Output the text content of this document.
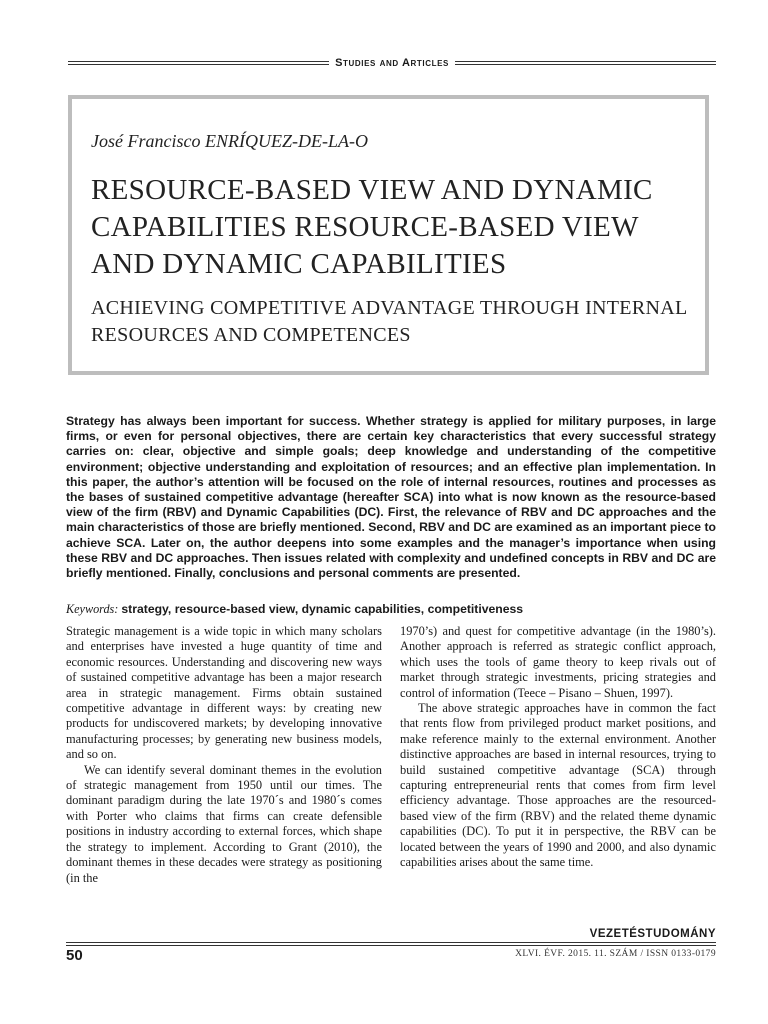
Studies and Articles
José Francisco ENRÍQUEZ-DE-LA-O
RESOURCE-BASED VIEW AND DYNAMIC CAPABILITIES RESOURCE-BASED VIEW AND DYNAMIC CAPABILITIES
ACHIEVING COMPETITIVE ADVANTAGE THROUGH INTERNAL RESOURCES AND COMPETENCES
Strategy has always been important for success. Whether strategy is applied for military purposes, in large firms, or even for personal objectives, there are certain key characteristics that every successful strategy carries on: clear, objective and simple goals; deep knowledge and understanding of the competitive environment; objective understanding and exploitation of resources; and an effective plan implementation. In this paper, the author’s attention will be focused on the role of internal resources, routines and processes as the bases of sustained competitive advantage (hereafter SCA) into what is now known as the resource-based view of the firm (RBV) and Dynamic Capabilities (DC). First, the relevance of RBV and DC approaches and the main characteristics of those are briefly mentioned. Second, RBV and DC are examined as an important piece to achieve SCA. Later on, the author deepens into some examples and the manager’s importance when using these RBV and DC approaches. Then issues related with complexity and undefined concepts in RBV and DC are briefly mentioned. Finally, conclusions and personal comments are presented.
Keywords: strategy, resource-based view, dynamic capabilities, competitiveness

Strategic management is a wide topic in which many scholars and enterprises have invested a huge quantity of time and economic resources. Understanding and discovering new ways of sustained competitive advantage has been a major research area in strategic management. Firms obtain sustained competitive advantage in different ways: by creating new products for undiscovered markets; by developing innovative manufacturing processes; by generating new business models, and so on.

We can identify several dominant themes in the evolution of strategic management from 1950 until our times. The dominant paradigm during the late 1970´s and 1980´s comes with Porter who claims that firms can create defensible positions in industry according to external forces, which shape the strategy to implement. According to Grant (2010), the dominant themes in these decades were strategy as positioning (in the

1970’s) and quest for competitive advantage (in the 1980’s). Another approach is referred as strategic conflict approach, which uses the tools of game theory to keep rivals out of market through strategic investments, pricing strategies and control of information (Teece – Pisano – Shuen, 1997).

The above strategic approaches have in common the fact that rents flow from privileged product market positions, and make reference mainly to the external environment. Another distinctive approaches are based in internal resources, trying to build sustained competitive advantage (SCA) through capturing entrepreneurial rents that comes from firm level efficiency advantage. Those approaches are the resourced-based view of the firm (RBV) and the related theme dynamic capabilities (DC). To put it in perspective, the RBV can be located between the years of 1990 and 2000, and also dynamic capabilities arises about the same time.

VEZETÉSTUDOMÁNY
50	XLVI. ÉVF. 2015. 11. SZÁM / ISSN 0133-0179
